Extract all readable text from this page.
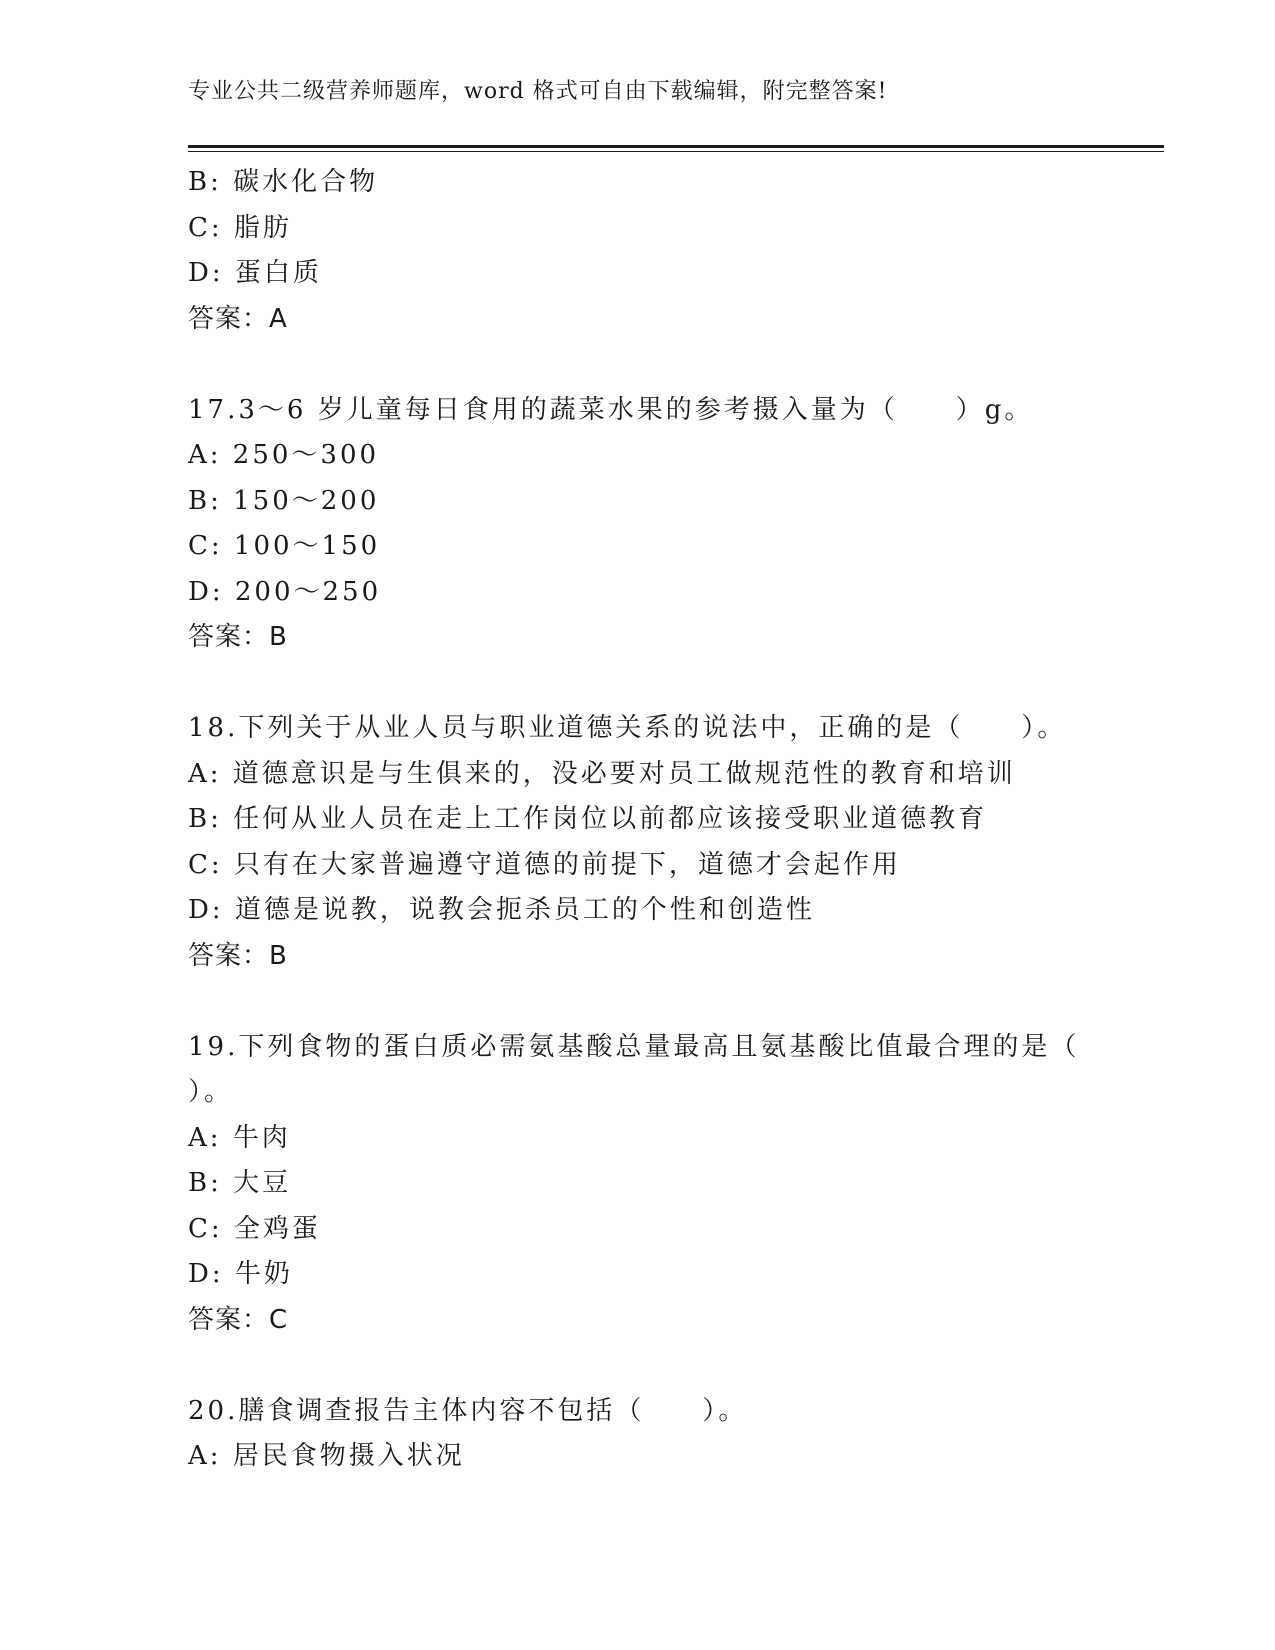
专业公共二级营养师题库，word 格式可自由下载编辑，附完整答案!
B: 碳水化合物
C: 脂肪
D: 蛋白质
答案：A
17.3～6 岁儿童每日食用的蔬菜水果的参考摄入量为（　　）g。
A: 250～300
B: 150～200
C: 100～150
D: 200～250
答案：B
18.下列关于从业人员与职业道德关系的说法中，正确的是（　　）。
A: 道德意识是与生俱来的，没必要对员工做规范性的教育和培训
B: 任何从业人员在走上工作岗位以前都应该接受职业道德教育
C: 只有在大家普遍遵守道德的前提下，道德才会起作用
D: 道德是说教，说教会扼杀员工的个性和创造性
答案：B
19.下列食物的蛋白质必需氨基酸总量最高且氨基酸比值最合理的是（
）。
A: 牛肉
B: 大豆
C: 全鸡蛋
D: 牛奶
答案：C
20.膳食调查报告主体内容不包括（　　）。
A: 居民食物摄入状况
